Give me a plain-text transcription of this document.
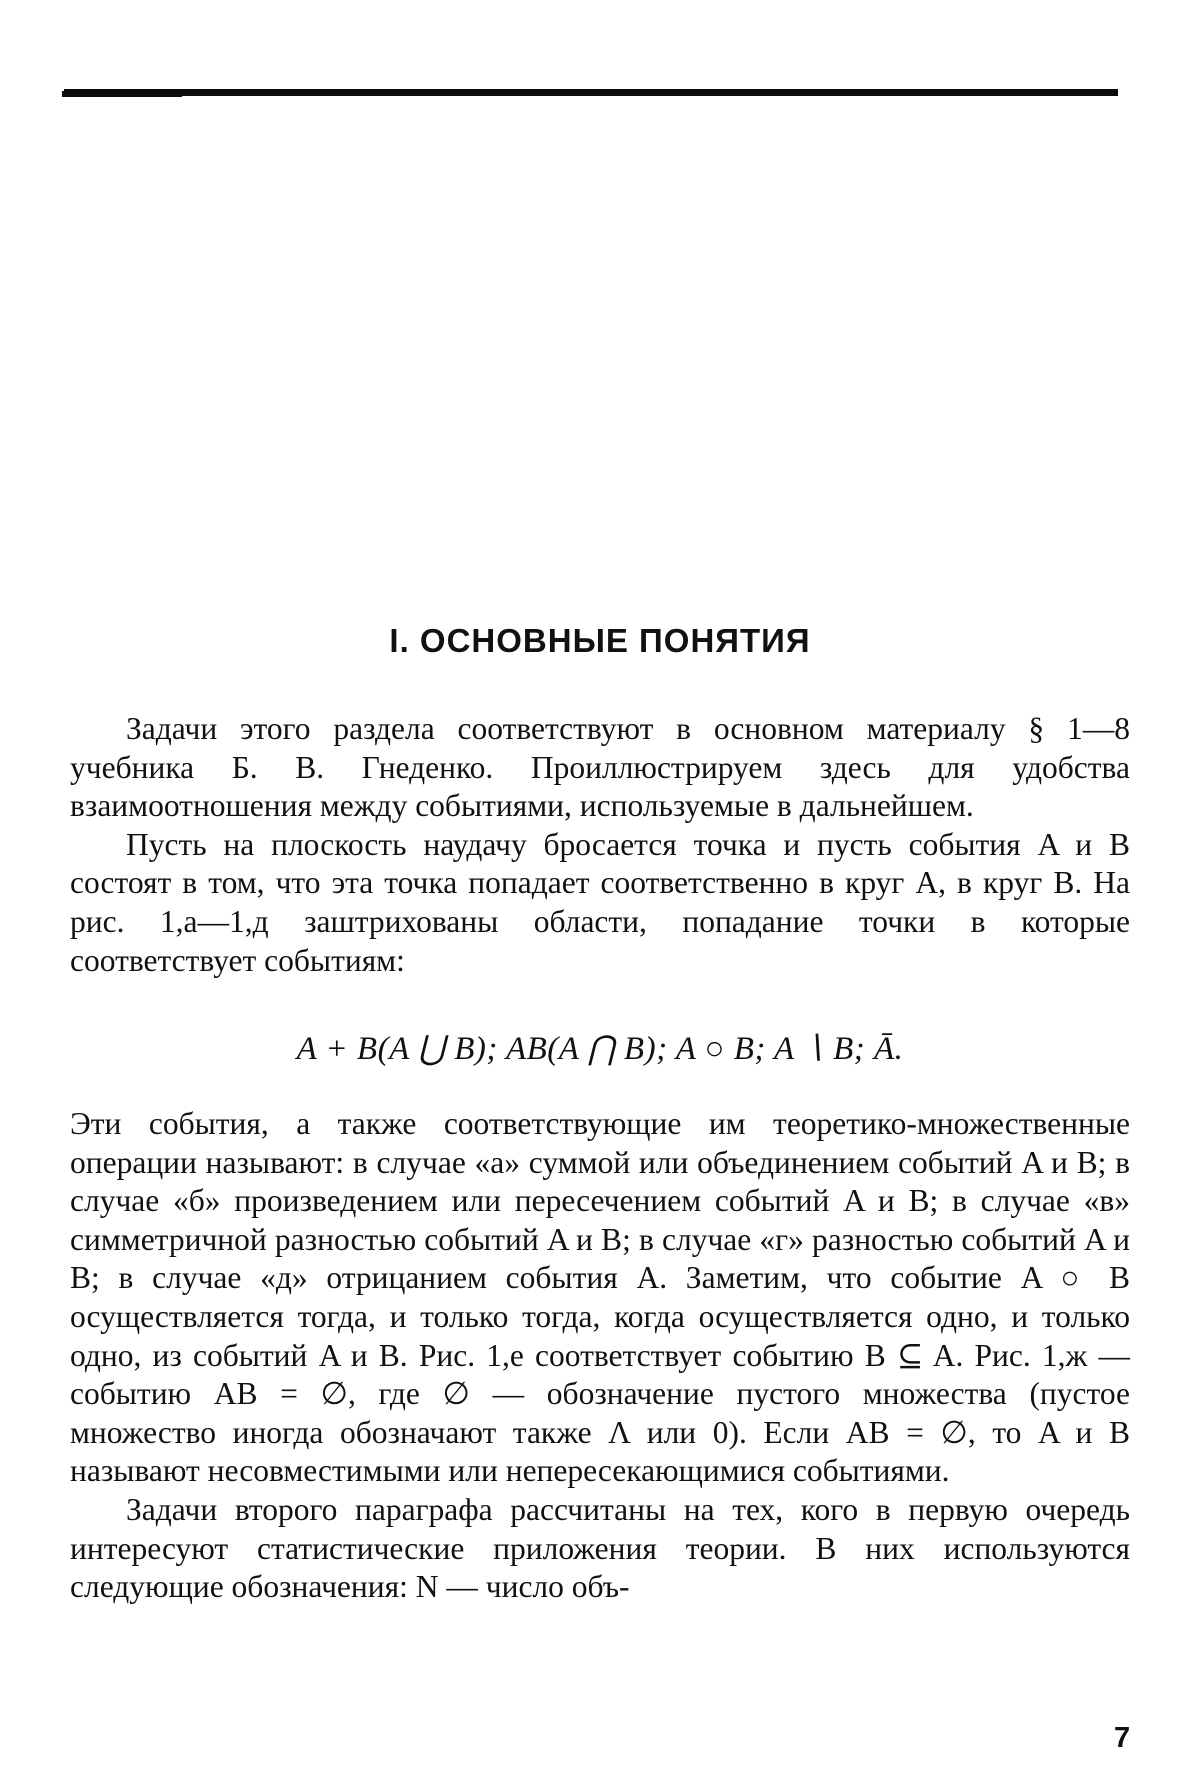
I. ОСНОВНЫЕ ПОНЯТИЯ

Задачи этого раздела соответствуют в основном материалу § 1—8 учебника Б. В. Гнеденко. Проиллюстрируем здесь для удобства взаимоотношения между событиями, используемые в дальнейшем.

Пусть на плоскость наудачу бросается точка и пусть события A и B состоят в том, что эта точка попадает соответственно в круг A, в круг B. На рис. 1,a—1,д заштрихованы области, попадание точки в которые соответствует событиям:

A + B(A ⋃ B); AB(A ⋂ B); A ○ B; A ∖ B; Ā.

Эти события, а также соответствующие им теоретико-множественные операции называют: в случае «a» суммой или объединением событий A и B; в случае «б» произведением или пересечением событий A и B; в случае «в» симметричной разностью событий A и B; в случае «г» разностью событий A и B; в случае «д» отрицанием события A. Заметим, что событие A ○ B осуществляется тогда, и только тогда, когда осуществляется одно, и только одно, из событий A и B. Рис. 1,е соответствует событию B ⊆ A. Рис. 1,ж — событию AB = ∅, где ∅ — обозначение пустого множества (пустое множество иногда обозначают также Λ или 0). Если AB = ∅, то A и B называют несовместимыми или непересекающимися событиями.

Задачи второго параграфа рассчитаны на тех, кого в первую очередь интересуют статистические приложения теории. В них используются следующие обозначения: N — число объ-

7
